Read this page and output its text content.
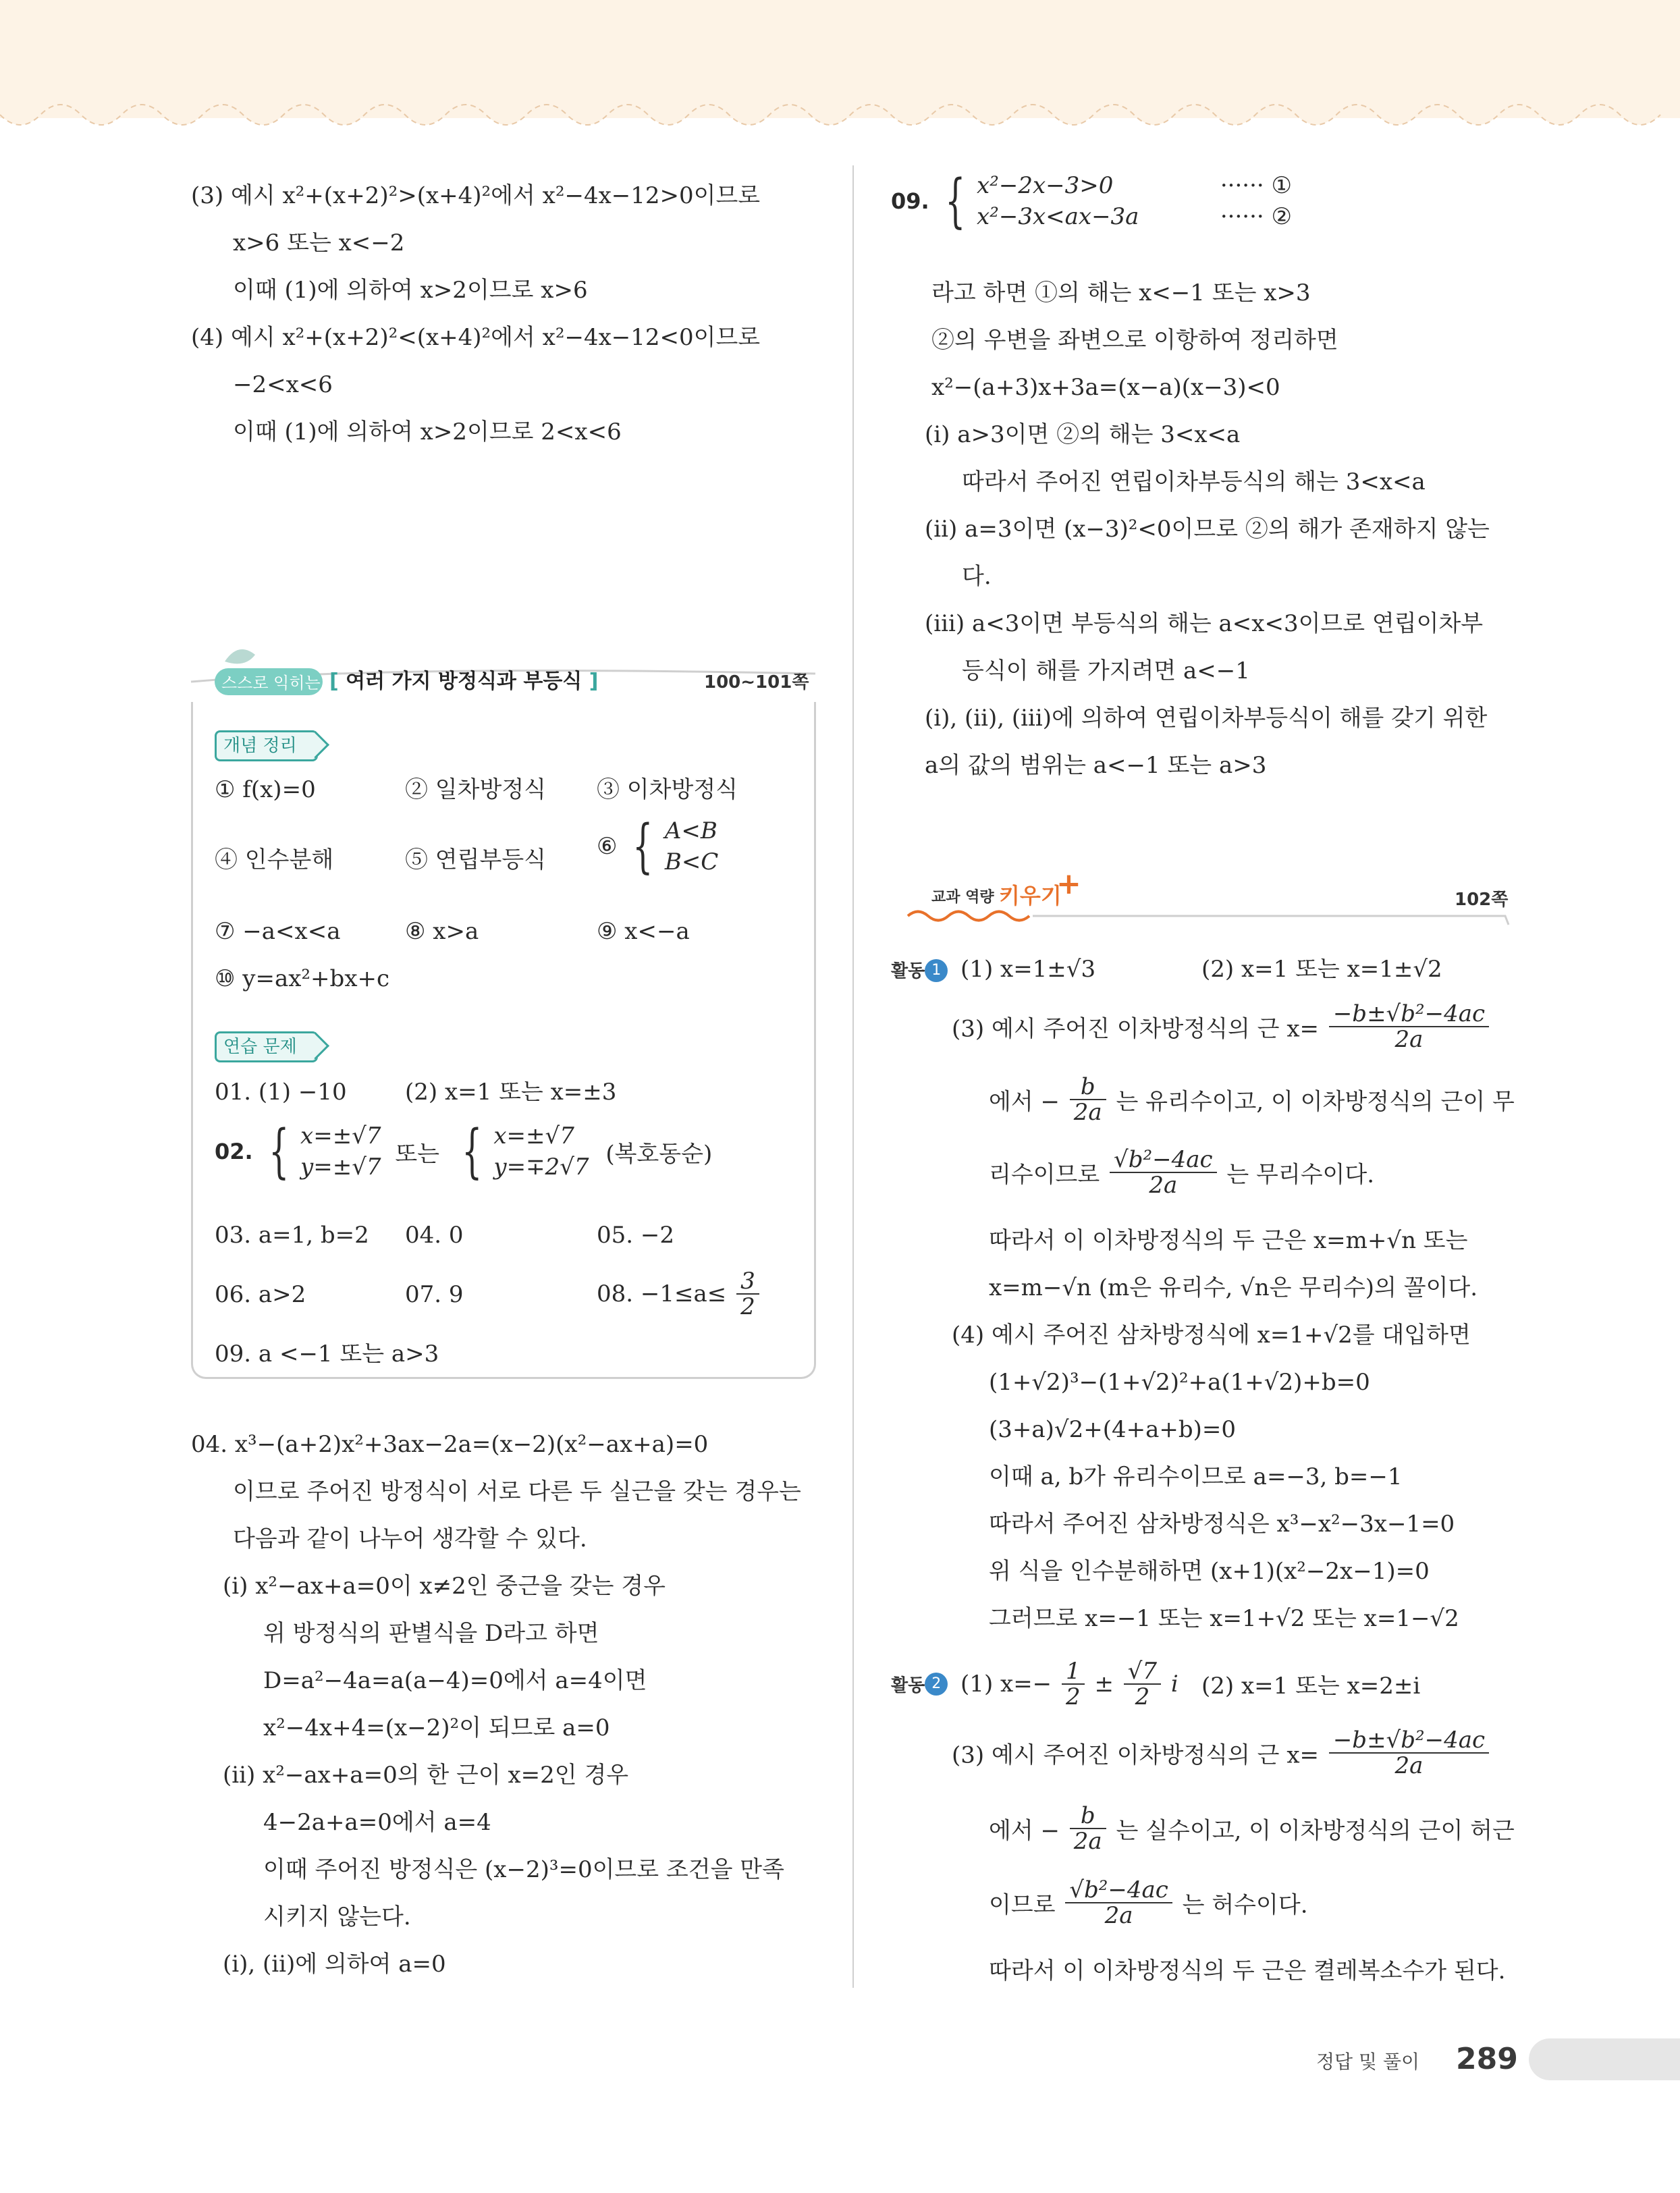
(3) 예시 x²+(x+2)²>(x+4)²에서 x²−4x−12>0이므로
x>6 또는 x<−2
이때 (1)에 의하여 x>2이므로 x>6
(4) 예시 x²+(x+2)²<(x+4)²에서 x²−4x−12<0이므로
−2<x<6
이때 (1)에 의하여 x>2이므로 2<x<6
스스로 익히는 [ 여러 가지 방정식과 부등식 ]	100~101쪽
개념 정리
① f(x)=0	② 일차방정식 ③ 이차방정식
④ 인수분해	⑤ 연립부등식 ⑥ { A<B
B<C
⑦ −a<x<a	⑧ x>a	⑨ x<−a
⑩ y=ax²+bx+c
연습 문제
01. (1) −10	(2) x=1 또는 x=±3
02. { x=±√7
y=±√7 또는 { x=±√7
y=∓2√7 (복호동순)
03. a=1, b=2 04. 0	05. −2
06. a>2	07. 9	08. $-1\le a\le \frac{3}{2}$
09. a <−1 또는 a>3
04. x³−(a+2)x²+3ax−2a=(x−2)(x²−ax+a)=0
이므로 주어진 방정식이 서로 다른 두 실근을 갖는 경우는
다음과 같이 나누어 생각할 수 있다.
(ⅰ) x²−ax+a=0이 x≠2인 중근을 갖는 경우
위 방정식의 판별식을 D라고 하면
D=a²−4a=a(a−4)=0에서 a=4이면
x²−4x+4=(x−2)²이 되므로 a=0
(ⅱ) x²−ax+a=0의 한 근이 x=2인 경우
4−2a+a=0에서 a=4
이때 주어진 방정식은 (x−2)³=0이므로 조건을 만족
시키지 않는다.
(ⅰ), (ⅱ)에 의하여 a=0
09. { x²−2x−3>0
x²−3x<ax−3a

······ ①
······ ②
라고 하면 ①의 해는 x<−1 또는 x>3
②의 우변을 좌변으로 이항하여 정리하면
x²−(a+3)x+3a=(x−a)(x−3)<0
(ⅰ) a>3이면 ②의 해는 3<x<a
따라서 주어진 연립이차부등식의 해는 3<x<a
(ⅱ) a=3이면 (x−3)²<0이므로 ②의 해가 존재하지 않는
다.
(ⅲ) a<3이면 부등식의 해는 a<x<3이므로 연립이차부
등식이 해를 가지려면 a<−1
(ⅰ), (ⅱ), (ⅲ)에 의하여 연립이차부등식이 해를 갖기 위한
a의 값의 범위는 a<−1 또는 a>3
교과 역량 키우기
+	102쪽
활동 1 (1) x=1±√3	(2) x=1 또는 x=1±√2
(3) 예시 주어진 이차방정식의 근 $x= \frac{\text{−b±√b²−4ac}}{2a}$
에서 − $\frac{b}{2a}$ 는 유리수이고, 이 이차방정식의 근이 무
리수이므로 $\frac{\text{√b²−4ac}}{2a}$ 는 무리수이다.
따라서 이 이차방정식의 두 근은 x=m+√n 또는
x=m−√n (m은 유리수, √n은 무리수)의 꼴이다.
(4) 예시 주어진 삼차방정식에 x=1+√2를 대입하면
(1+√2)³−(1+√2)²+a(1+√2)+b=0
(3+a)√2+(4+a+b)=0
이때 a, b가 유리수이므로 a=−3, b=−1
따라서 주어진 삼차방정식은 x³−x²−3x−1=0
위 식을 인수분해하면 (x+1)(x²−2x−1)=0
그러므로 x=−1 또는 x=1+√2 또는 x=1−√2
활동 2 (1) $x=- \frac{1}{2} \pm \frac{√7}{2}$ i (2) x=1 또는 x=2±i
(3) 예시 주어진 이차방정식의 근 $x= \frac{\text{−b±√b²−4ac}}{2a}$
에서 − $\frac{b}{2a}$ 는 실수이고, 이 이차방정식의 근이 허근
이므로 $\frac{\text{√b²−4ac}}{2a}$ 는 허수이다.
따라서 이 이차방정식의 두 근은 켤레복소수가 된다.
정답 및 풀이 289
